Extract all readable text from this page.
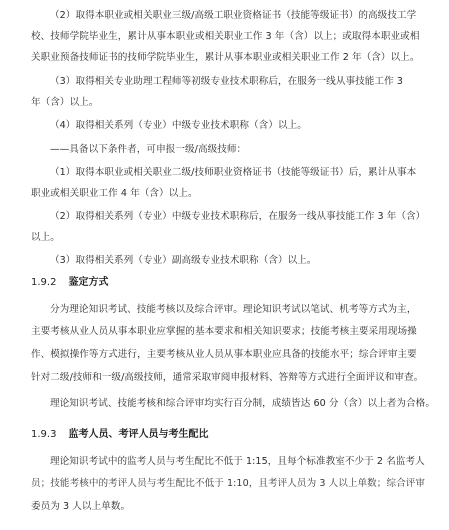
（2）取得本职业或相关职业三级/高级工职业资格证书（技能等级证书）的高级技工学
校、技师学院毕业生，累计从事本职业或相关职业工作 3 年（含）以上；或取得本职业或相
关职业预备技师证书的技师学院毕业生，累计从事本职业或相关职业工作 2 年（含）以上。
（3）取得相关专业助理工程师等初级专业技术职称后，在服务一线从事技能工作 3
年（含）以上。
（4）取得相关系列（专业）中级专业技术职称（含）以上。
——具备以下条件者，可申报一级/高级技师：
（1）取得本职业或相关职业二级/技师职业资格证书（技能等级证书）后，累计从事本
职业或相关职业工作 4 年（含）以上。
（2）取得相关系列（专业）中级专业技术职称后，在服务一线从事技能工作 3 年（含）
以上。
（3）取得相关系列（专业）副高级专业技术职称（含）以上。
1.9.2 鉴定方式
分为理论知识考试、技能考核以及综合评审。理论知识考试以笔试、机考等方式为主，
主要考核从业人员从事本职业应掌握的基本要求和相关知识要求；技能考核主要采用现场操
作、模拟操作等方式进行，主要考核从业人员从事本职业应具备的技能水平；综合评审主要
针对二级/技师和一级/高级技师，通常采取审阅申报材料、答辩等方式进行全面评议和审查。
理论知识考试、技能考核和综合评审均实行百分制，成绩皆达 60 分（含）以上者为合格。
1.9.3 监考人员、考评人员与考生配比
理论知识考试中的监考人员与考生配比不低于 1:15，且每个标准教室不少于 2 名监考人
员；技能考核中的考评人员与考生配比不低于 1:10，且考评人员为 3 人以上单数；综合评审
委员为 3 人以上单数。
